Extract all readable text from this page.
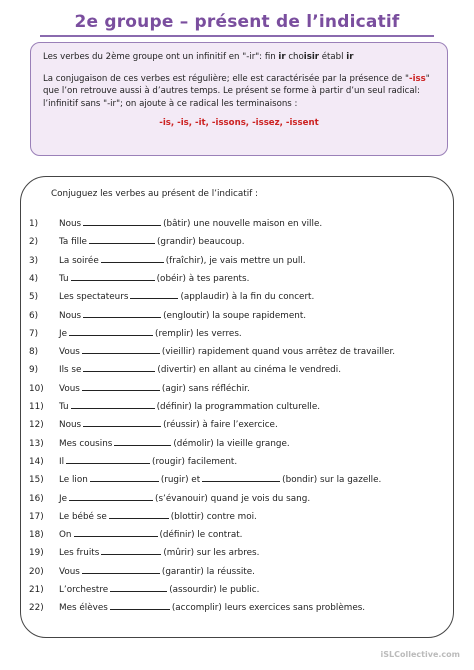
2e groupe – présent de l’indicatif

Les verbes du 2ème groupe ont un infinitif en "-ir": fin ir choisir établ ir

La conjugaison de ces verbes est régulière; elle est caractérisée par la présence de "-iss" que l’on retrouve aussi à d’autres temps. Le présent se forme à partir d’un seul radical: l’infinitif sans "-ir"; on ajoute à ce radical les terminaisons :

-is, -is, -it, -issons, -issez, -issent
Conjuguez les verbes au présent de l’indicatif :
1)	Nous	(bâtir) une nouvelle maison en ville.
2)	Ta fille	(grandir) beaucoup.
3)	La soirée	(fraîchir), je vais mettre un pull.
4)	Tu	(obéir) à tes parents.
5)	Les spectateurs	(applaudir) à la fin du concert.
6)	Nous	(engloutir) la soupe rapidement.
7)	Je	(remplir) les verres.
8)	Vous	(vieillir) rapidement quand vous arrêtez de travailler.
9)	Ils se	(divertir) en allant au cinéma le vendredi.
10)	Vous	(agir) sans réfléchir.
11)	Tu	(définir) la programmation culturelle.
12)	Nous	(réussir) à faire l’exercice.
13)	Mes cousins	(démolir) la vieille grange.
14)	Il	(rougir) facilement.
15)	Le lion	(rugir) et	(bondir) sur la gazelle.
16)	Je	(s’évanouir) quand je vois du sang.
17)	Le bébé se	(blottir) contre moi.
18)	On	(définir) le contrat.
19)	Les fruits	(mûrir) sur les arbres.
20)	Vous	(garantir) la réussite.
21)	L’orchestre	(assourdir) le public.
22)	Mes élèves	(accomplir) leurs exercices sans problèmes.
iSLCollective.com
